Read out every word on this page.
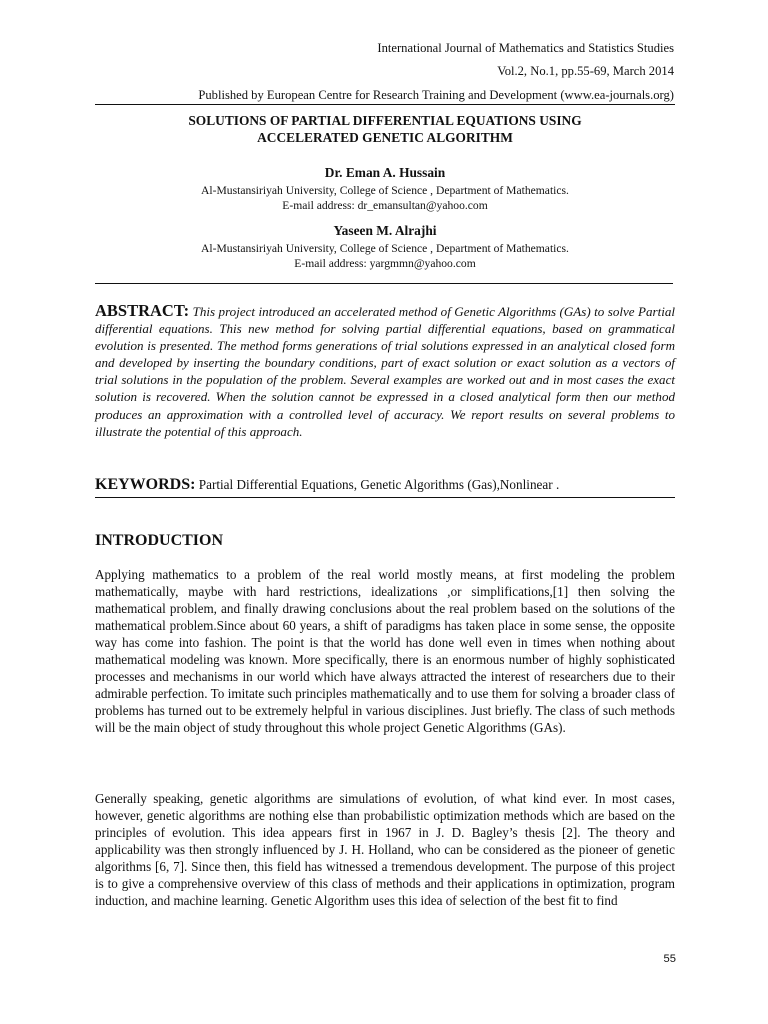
International Journal of Mathematics and Statistics Studies
Vol.2, No.1, pp.55-69, March 2014
Published by European Centre for Research Training and Development (www.ea-journals.org)
SOLUTIONS OF PARTIAL DIFFERENTIAL EQUATIONS USING
ACCELERATED GENETIC ALGORITHM
Dr. Eman A. Hussain
Al-Mustansiriyah University, College of Science , Department of Mathematics.
E-mail address: dr_emansultan@yahoo.com
Yaseen M. Alrajhi
Al-Mustansiriyah University, College of Science , Department of Mathematics.
E-mail address: yargmmn@yahoo.com
ABSTRACT: This project introduced an accelerated method of Genetic Algorithms (GAs) to solve Partial differential equations. This new method for solving partial differential equations, based on grammatical evolution is presented. The method forms generations of trial solutions expressed in an analytical closed form and developed by inserting the boundary conditions, part of exact solution or exact solution as a vectors of trial solutions in the population of the problem. Several examples are worked out and in most cases the exact solution is recovered. When the solution cannot be expressed in a closed analytical form then our method produces an approximation with a controlled level of accuracy. We report results on several problems to illustrate the potential of this approach.
KEYWORDS: Partial Differential Equations, Genetic Algorithms (Gas),Nonlinear .
INTRODUCTION

Applying mathematics to a problem of the real world mostly means, at first modeling the problem mathematically, maybe with hard restrictions, idealizations ,or simplifications,[1] then solving the mathematical problem, and finally drawing conclusions about the real problem based on the solutions of the mathematical problem.Since about 60 years, a shift of paradigms has taken place in some sense, the opposite way has come into fashion. The point is that the world has done well even in times when nothing about mathematical modeling was known. More specifically, there is an enormous number of highly sophisticated processes and mechanisms in our world which have always attracted the interest of researchers due to their admirable perfection. To imitate such principles mathematically and to use them for solving a broader class of problems has turned out to be extremely helpful in various disciplines. Just briefly. The class of such methods will be the main object of study throughout this whole project Genetic Algorithms (GAs).

Generally speaking, genetic algorithms are simulations of evolution, of what kind ever. In most cases, however, genetic algorithms are nothing else than probabilistic optimization methods which are based on the principles of evolution. This idea appears first in 1967 in J. D. Bagley’s thesis [2]. The theory and applicability was then strongly influenced by J. H. Holland, who can be considered as the pioneer of genetic algorithms [6, 7]. Since then, this field has witnessed a tremendous development. The purpose of this project is to give a comprehensive overview of this class of methods and their applications in optimization, program induction, and machine learning. Genetic Algorithm uses this idea of selection of the best fit to find

55
